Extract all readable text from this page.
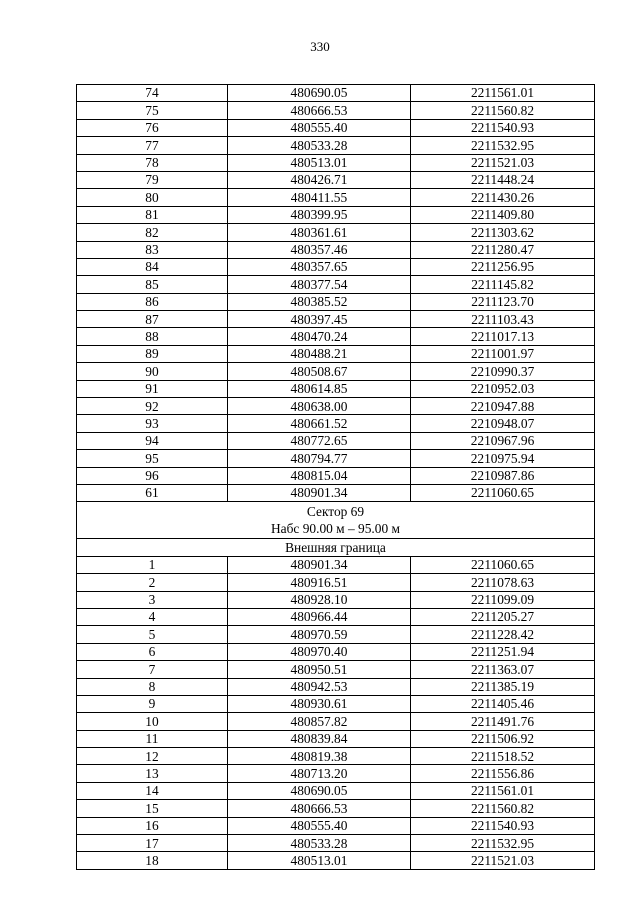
330
74	480690.05	2211561.01
75	480666.53	2211560.82
76	480555.40	2211540.93
77	480533.28	2211532.95
78	480513.01	2211521.03
79	480426.71	2211448.24
80	480411.55	2211430.26
81	480399.95	2211409.80
82	480361.61	2211303.62
83	480357.46	2211280.47
84	480357.65	2211256.95
85	480377.54	2211145.82
86	480385.52	2211123.70
87	480397.45	2211103.43
88	480470.24	2211017.13
89	480488.21	2211001.97
90	480508.67	2210990.37
91	480614.85	2210952.03
92	480638.00	2210947.88
93	480661.52	2210948.07
94	480772.65	2210967.96
95	480794.77	2210975.94
96	480815.04	2210987.86
61	480901.34	2211060.65

Сектор 69
Набс 90.00 м – 95.00 м		

Внешняя граница		
1	480901.34	2211060.65
2	480916.51	2211078.63
3	480928.10	2211099.09
4	480966.44	2211205.27
5	480970.59	2211228.42
6	480970.40	2211251.94
7	480950.51	2211363.07
8	480942.53	2211385.19
9	480930.61	2211405.46
10	480857.82	2211491.76
11	480839.84	2211506.92
12	480819.38	2211518.52
13	480713.20	2211556.86
14	480690.05	2211561.01
15	480666.53	2211560.82
16	480555.40	2211540.93
17	480533.28	2211532.95
18	480513.01	2211521.03
